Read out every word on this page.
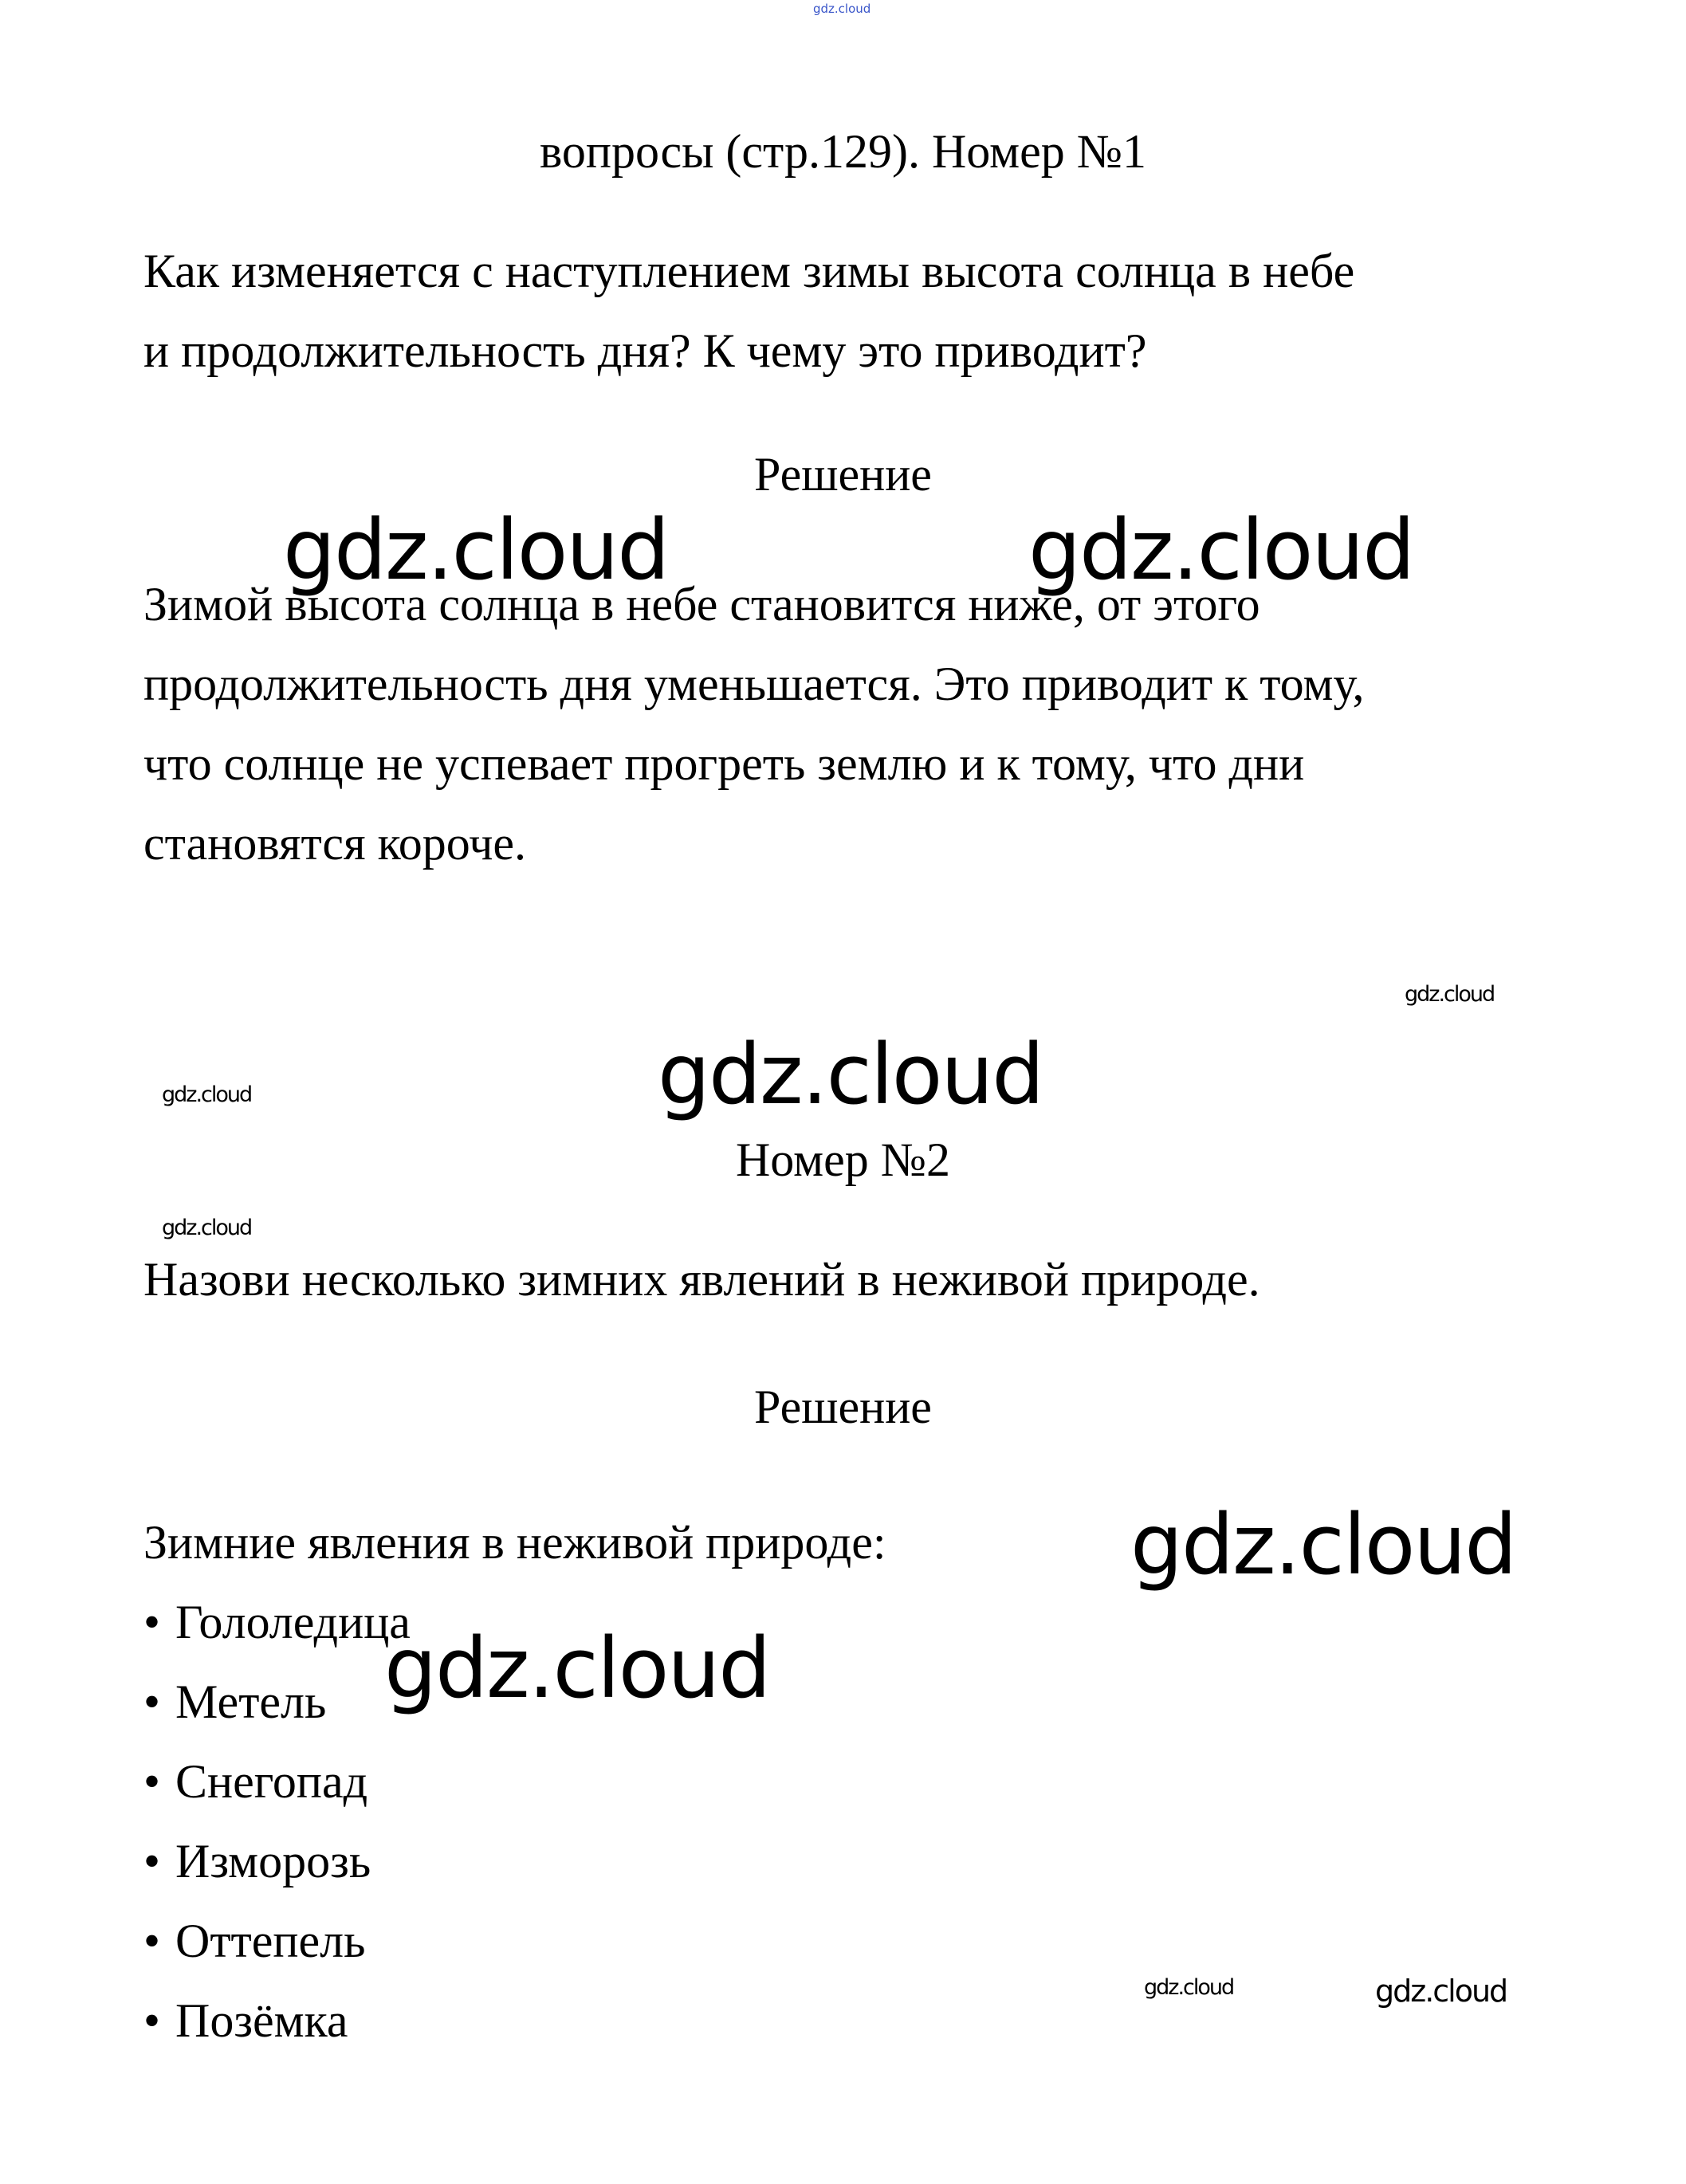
gdz.cloud
вопросы (стр.129). Номер №1
Как изменяется с наступлением зимы высота солнца в небе
и продолжительность дня? К чему это приводит?
Решение
Зимой высота солнца в небе становится ниже, от этого
продолжительность дня уменьшается. Это приводит к тому,
что солнце не успевает прогреть землю и к тому, что дни
становятся короче.
gdz.cloud	gdz.cloud
gdz.cloud
gdz.cloud
gdz.cloud
Номер №2
gdz.cloud
Назови несколько зимних явлений в неживой природе.
Решение
Зимние явления в неживой природе:
• Гололедица
• Метель
• Снегопад
• Изморозь
• Оттепель
• Позёмка
gdz.cloud
gdz.cloud
gdz.cloud	gdz.cloud
